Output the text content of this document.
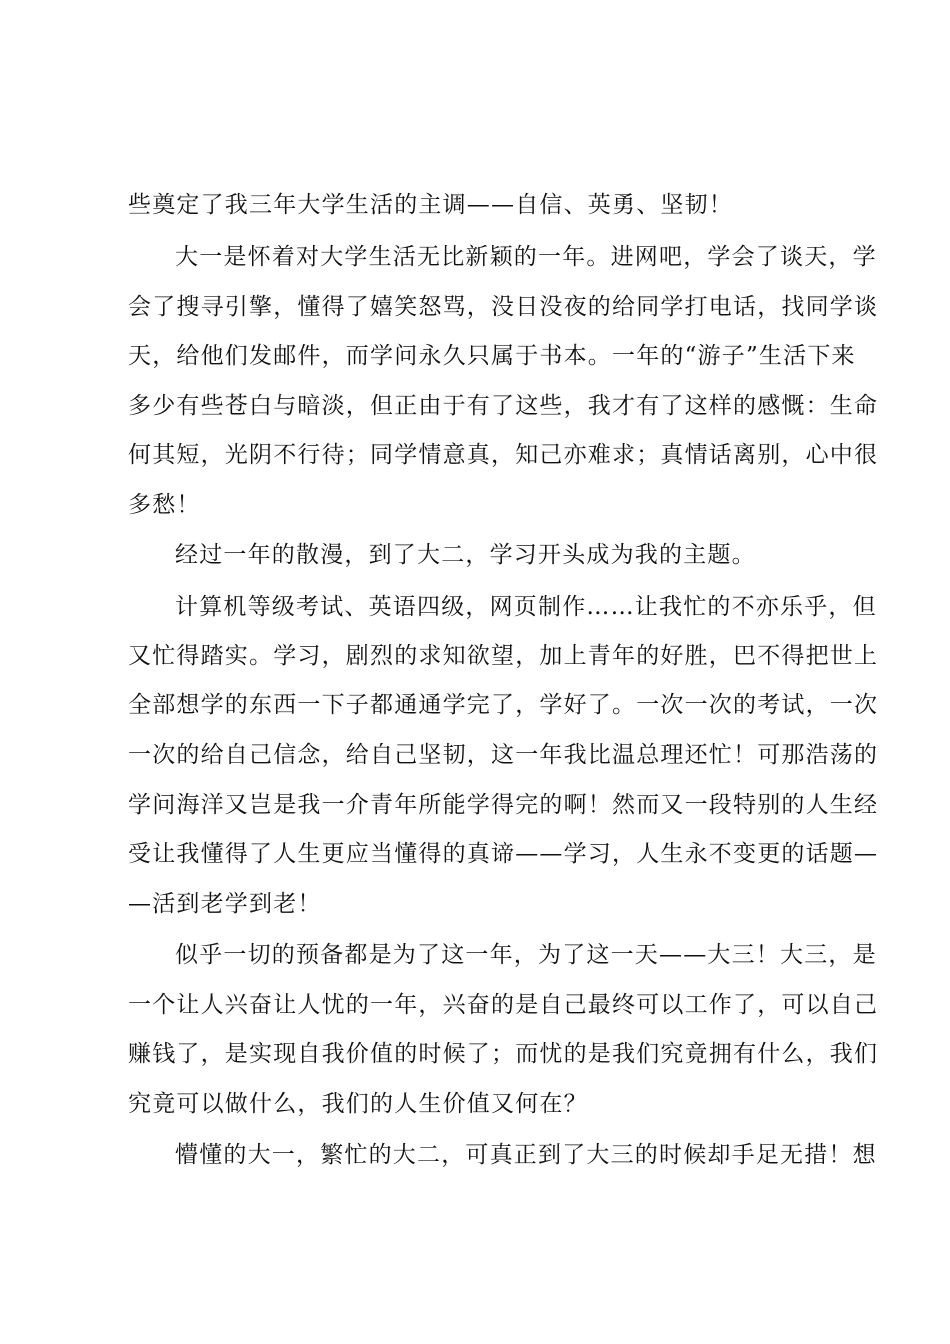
些奠定了我三年大学生活的主调——自信、英勇、坚韧！
大一是怀着对大学生活无比新颖的一年。进网吧，学会了谈天，学
会了搜寻引擎，懂得了嬉笑怒骂，没日没夜的给同学打电话，找同学谈
天，给他们发邮件，而学问永久只属于书本。一年的“游子”生活下来
多少有些苍白与暗淡，但正由于有了这些，我才有了这样的感慨：生命
何其短，光阴不行待；同学情意真，知己亦难求；真情话离别，心中很
多愁！
经过一年的散漫，到了大二，学习开头成为我的主题。
计算机等级考试、英语四级，网页制作……让我忙的不亦乐乎，但
又忙得踏实。学习，剧烈的求知欲望，加上青年的好胜，巴不得把世上
全部想学的东西一下子都通通学完了，学好了。一次一次的考试，一次
一次的给自己信念，给自己坚韧，这一年我比温总理还忙！可那浩荡的
学问海洋又岂是我一介青年所能学得完的啊！然而又一段特别的人生经
受让我懂得了人生更应当懂得的真谛——学习，人生永不变更的话题—
—活到老学到老！
似乎一切的预备都是为了这一年，为了这一天——大三！大三，是
一个让人兴奋让人忧的一年，兴奋的是自己最终可以工作了，可以自己
赚钱了，是实现自我价值的时候了；而忧的是我们究竟拥有什么，我们
究竟可以做什么，我们的人生价值又何在？
懵懂的大一，繁忙的大二，可真正到了大三的时候却手足无措！想
